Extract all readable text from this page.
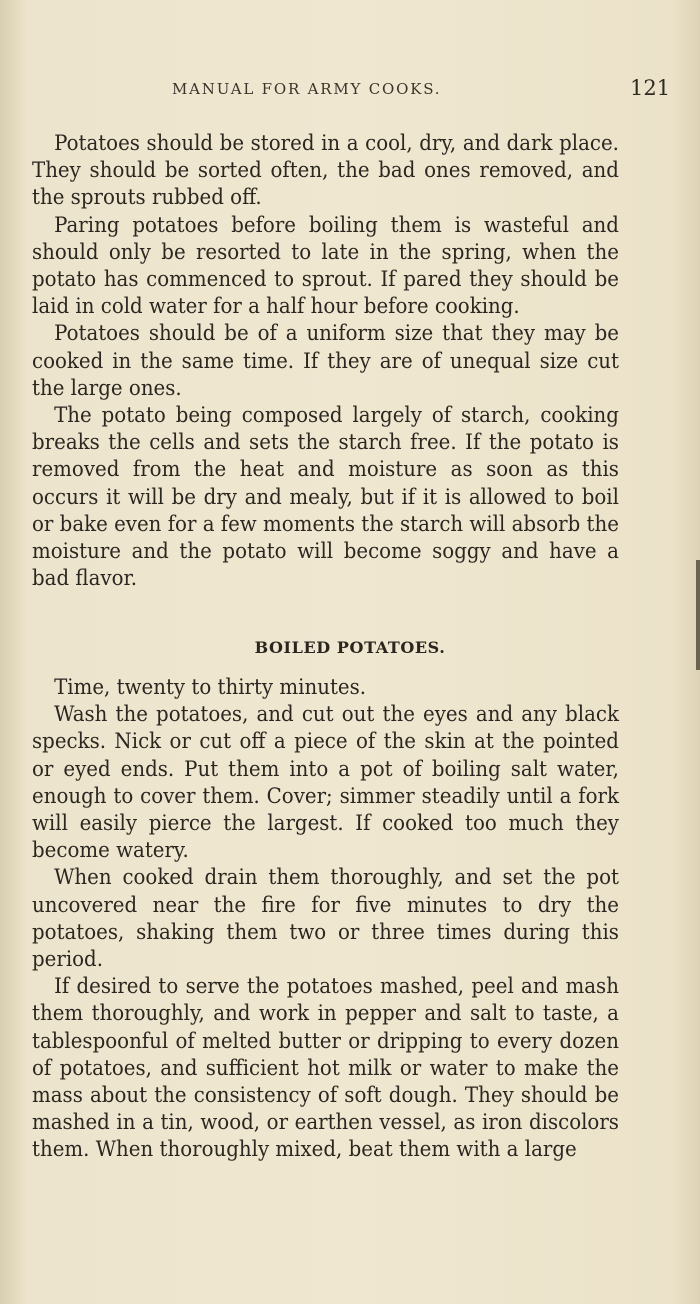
MANUAL FOR ARMY COOKS.	121

Potatoes should be stored in a cool, dry, and dark place. They should be sorted often, the bad ones removed, and the sprouts rubbed off.

Paring potatoes before boiling them is wasteful and should only be resorted to late in the spring, when the potato has commenced to sprout. If pared they should be laid in cold water for a half hour before cooking.

Potatoes should be of a uniform size that they may be cooked in the same time. If they are of unequal size cut the large ones.

The potato being composed largely of starch, cooking breaks the cells and sets the starch free. If the potato is removed from the heat and moisture as soon as this occurs it will be dry and mealy, but if it is allowed to boil or bake even for a few moments the starch will absorb the moisture and the potato will become soggy and have a bad flavor.

BOILED POTATOES.

Time, twenty to thirty minutes.

Wash the potatoes, and cut out the eyes and any black specks. Nick or cut off a piece of the skin at the pointed or eyed ends. Put them into a pot of boiling salt water, enough to cover them. Cover; simmer steadily until a fork will easily pierce the largest. If cooked too much they become watery.

When cooked drain them thoroughly, and set the pot uncovered near the fire for five minutes to dry the potatoes, shaking them two or three times during this period.

If desired to serve the potatoes mashed, peel and mash them thoroughly, and work in pepper and salt to taste, a tablespoonful of melted butter or dripping to every dozen of potatoes, and sufficient hot milk or water to make the mass about the consistency of soft dough. They should be mashed in a tin, wood, or earthen vessel, as iron discolors them. When thoroughly mixed, beat them with a large
